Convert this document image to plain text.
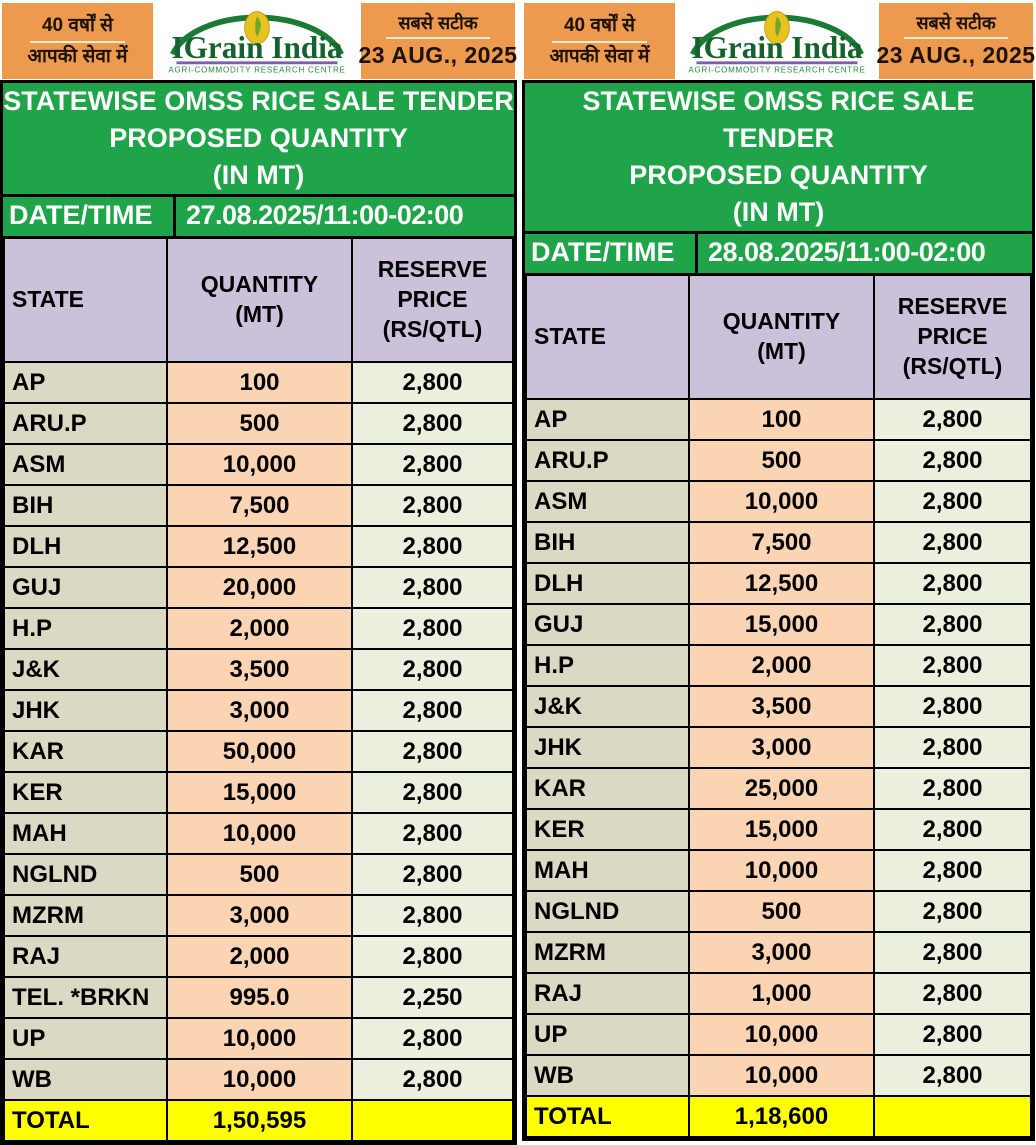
40 वर्षों से
आपकी सेवा में IGrain India
AGRI-COMMODITY RESEARCH CENTRE
सबसे सटीक
23 AUG., 2025
STATEWISE OMSS RICE SALE TENDER
PROPOSED QUANTITY
(IN MT)
DATE/TIME	27.08.2025/11:00-02:00
STATE

QUANTITY
(MT)

RESERVE
PRICE
(RS/QTL)

AP	100	2,800
ARU.P	500	2,800
ASM	10,000	2,800
BIH	7,500	2,800
DLH	12,500	2,800
GUJ	20,000	2,800
H.P	2,000	2,800
J&K	3,500	2,800
JHK	3,000	2,800
KAR	50,000	2,800
KER	15,000	2,800
MAH	10,000	2,800
NGLND	500	2,800
MZRM	3,000	2,800
RAJ	2,000	2,800
TEL. *BRKN	995.0	2,250
UP	10,000	2,800
WB	10,000	2,800
TOTAL	1,50,595	
40 वर्षों से
आपकी सेवा में IGrain India
AGRI-COMMODITY RESEARCH CENTRE
सबसे सटीक
23 AUG., 2025
STATEWISE OMSS RICE SALE TENDER
PROPOSED QUANTITY
(IN MT)
DATE/TIME	28.08.2025/11:00-02:00
STATE

QUANTITY
(MT)

RESERVE
PRICE
(RS/QTL)

AP	100	2,800
ARU.P	500	2,800
ASM	10,000	2,800
BIH	7,500	2,800
DLH	12,500	2,800
GUJ	15,000	2,800
H.P	2,000	2,800
J&K	3,500	2,800
JHK	3,000	2,800
KAR	25,000	2,800
KER	15,000	2,800
MAH	10,000	2,800
NGLND	500	2,800
MZRM	3,000	2,800
RAJ	1,000	2,800
UP	10,000	2,800
WB	10,000	2,800
TOTAL	1,18,600	
